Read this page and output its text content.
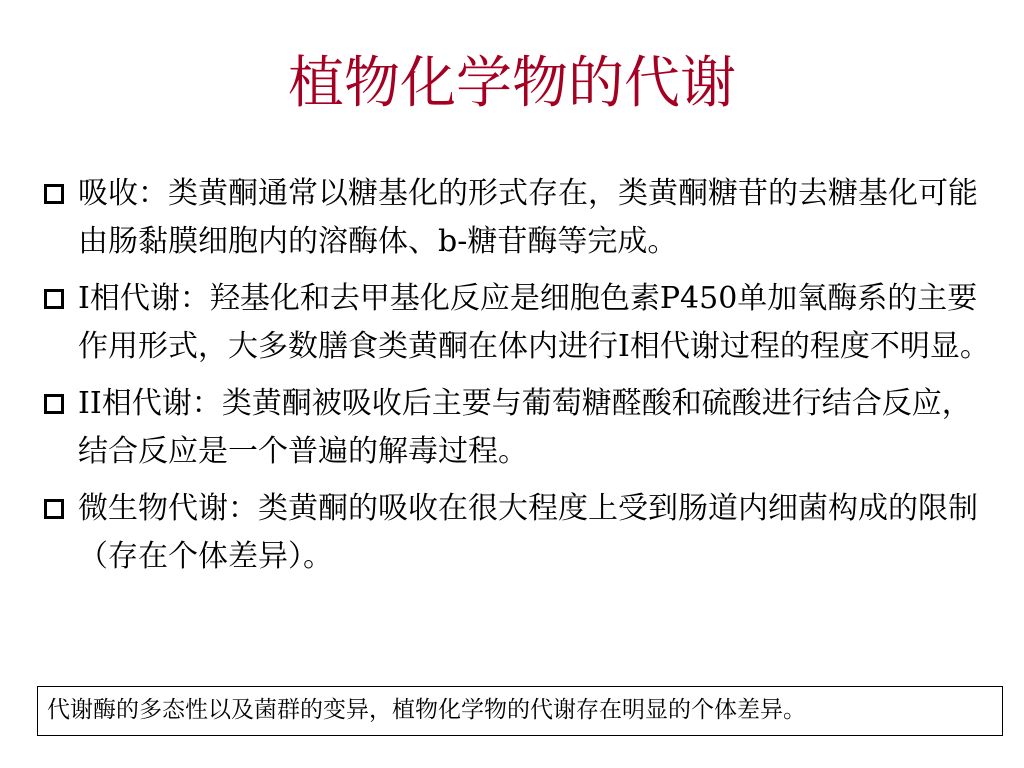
植物化学物的代谢
吸收：类黄酮通常以糖基化的形式存在，类黄酮糖苷的去糖基化可能由肠黏膜细胞内的溶酶体、b-糖苷酶等完成。
I相代谢：羟基化和去甲基化反应是细胞色素P450单加氧酶系的主要作用形式，大多数膳食类黄酮在体内进行I相代谢过程的程度不明显。
II相代谢：类黄酮被吸收后主要与葡萄糖醛酸和硫酸进行结合反应，结合反应是一个普遍的解毒过程。
微生物代谢：类黄酮的吸收在很大程度上受到肠道内细菌构成的限制（存在个体差异）。
代谢酶的多态性以及菌群的变异，植物化学物的代谢存在明显的个体差异。
